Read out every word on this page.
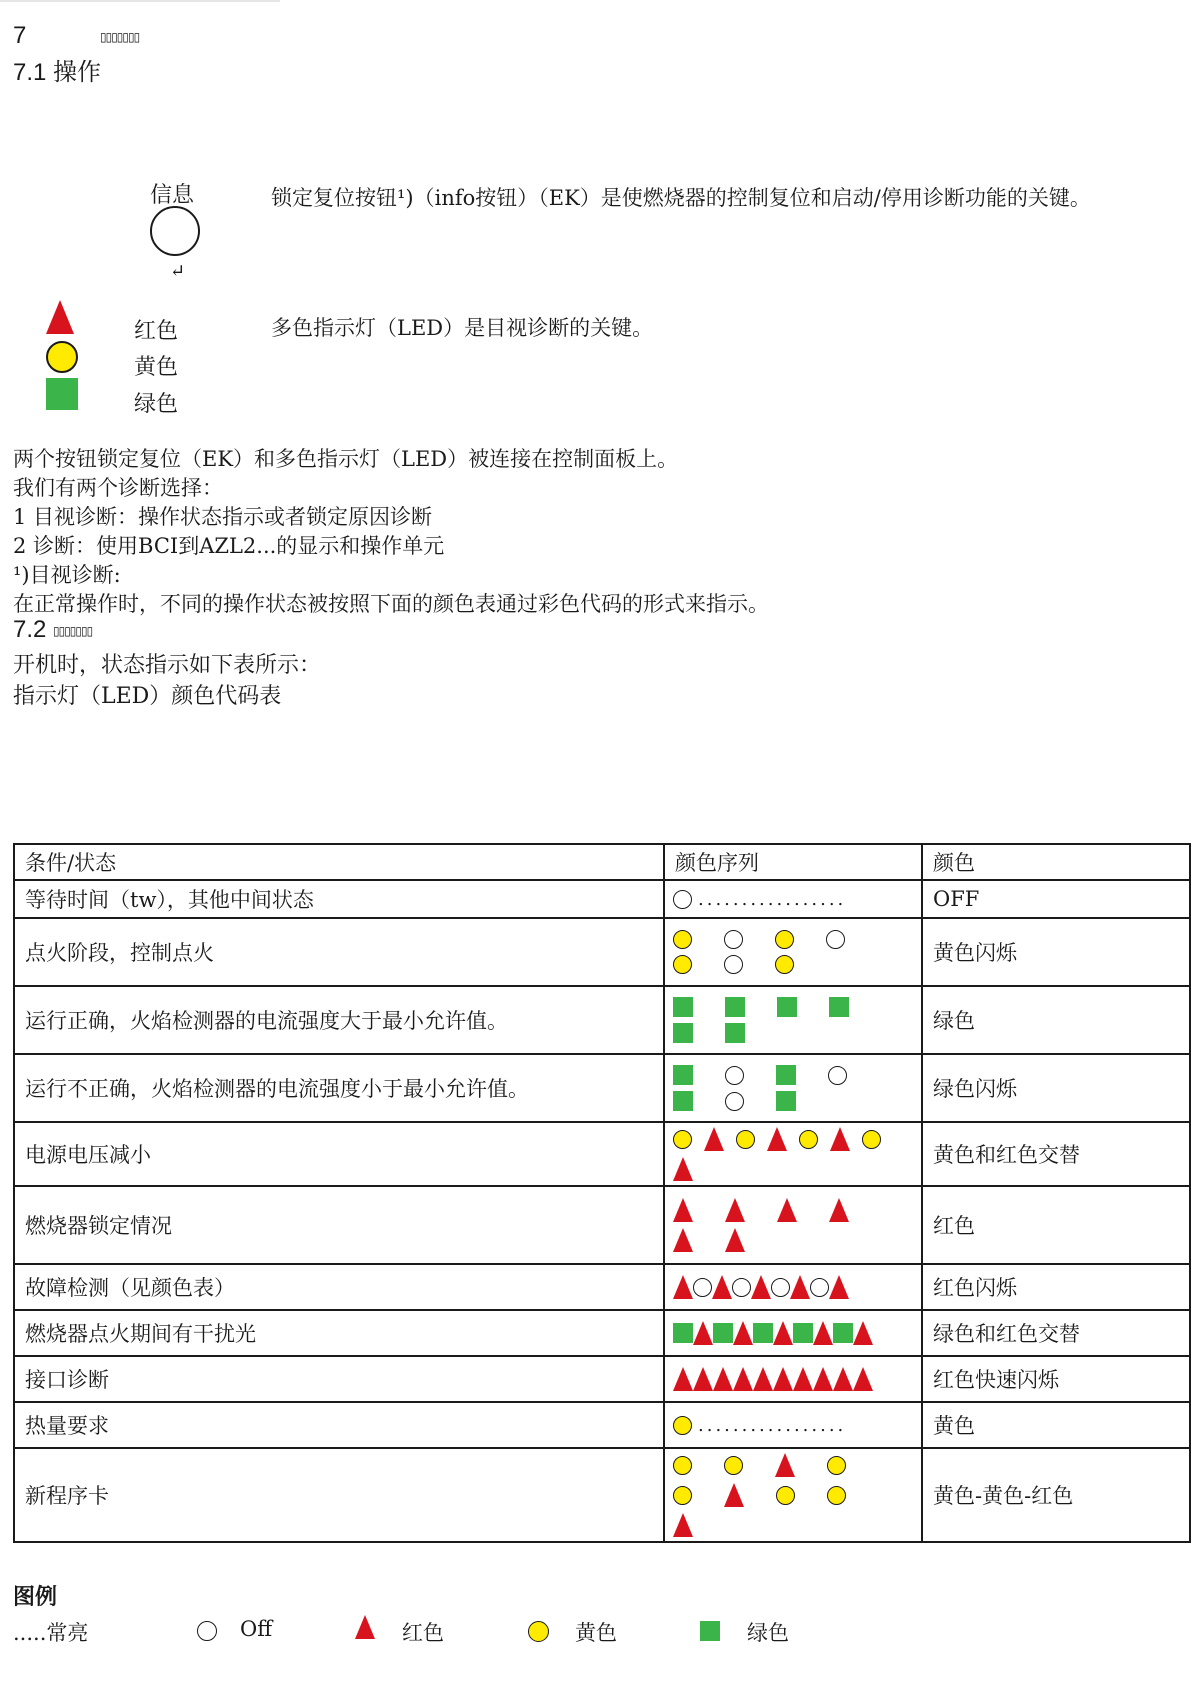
7	▯▯▯▯▯▯▯
7.1 操作
信息
↵
锁定复位按钮¹)（info按钮）（EK）是使燃烧器的控制复位和启动/停用诊断功能的关键。
红色
黄色
绿色
多色指示灯（LED）是目视诊断的关键。
两个按钮锁定复位（EK）和多色指示灯（LED）被连接在控制面板上。
我们有两个诊断选择：
1 目视诊断：操作状态指示或者锁定原因诊断
2 诊断：使用BCI到AZL2...的显示和操作单元
¹)目视诊断:
在正常操作时，不同的操作状态被按照下面的颜色表通过彩色代码的形式来指示。
7.2 ▯▯▯▯▯▯▯
开机时，状态指示如下表所示：
指示灯（LED）颜色代码表
条件/状态	颜色序列	颜色
等待时间（tw），其他中间状态	.................	OFF
点火阶段，控制点火		黄色闪烁
运行正确，火焰检测器的电流强度大于最小允许值。		绿色
运行不正确，火焰检测器的电流强度小于最小允许值。		绿色闪烁
电源电压减小		黄色和红色交替
燃烧器锁定情况		红色
故障检测（见颜色表）		红色闪烁
燃烧器点火期间有干扰光		绿色和红色交替
接口诊断		红色快速闪烁
热量要求	.................	黄色
新程序卡		黄色-黄色-红色
图例
.....常亮	Off	红色	黄色	绿色
